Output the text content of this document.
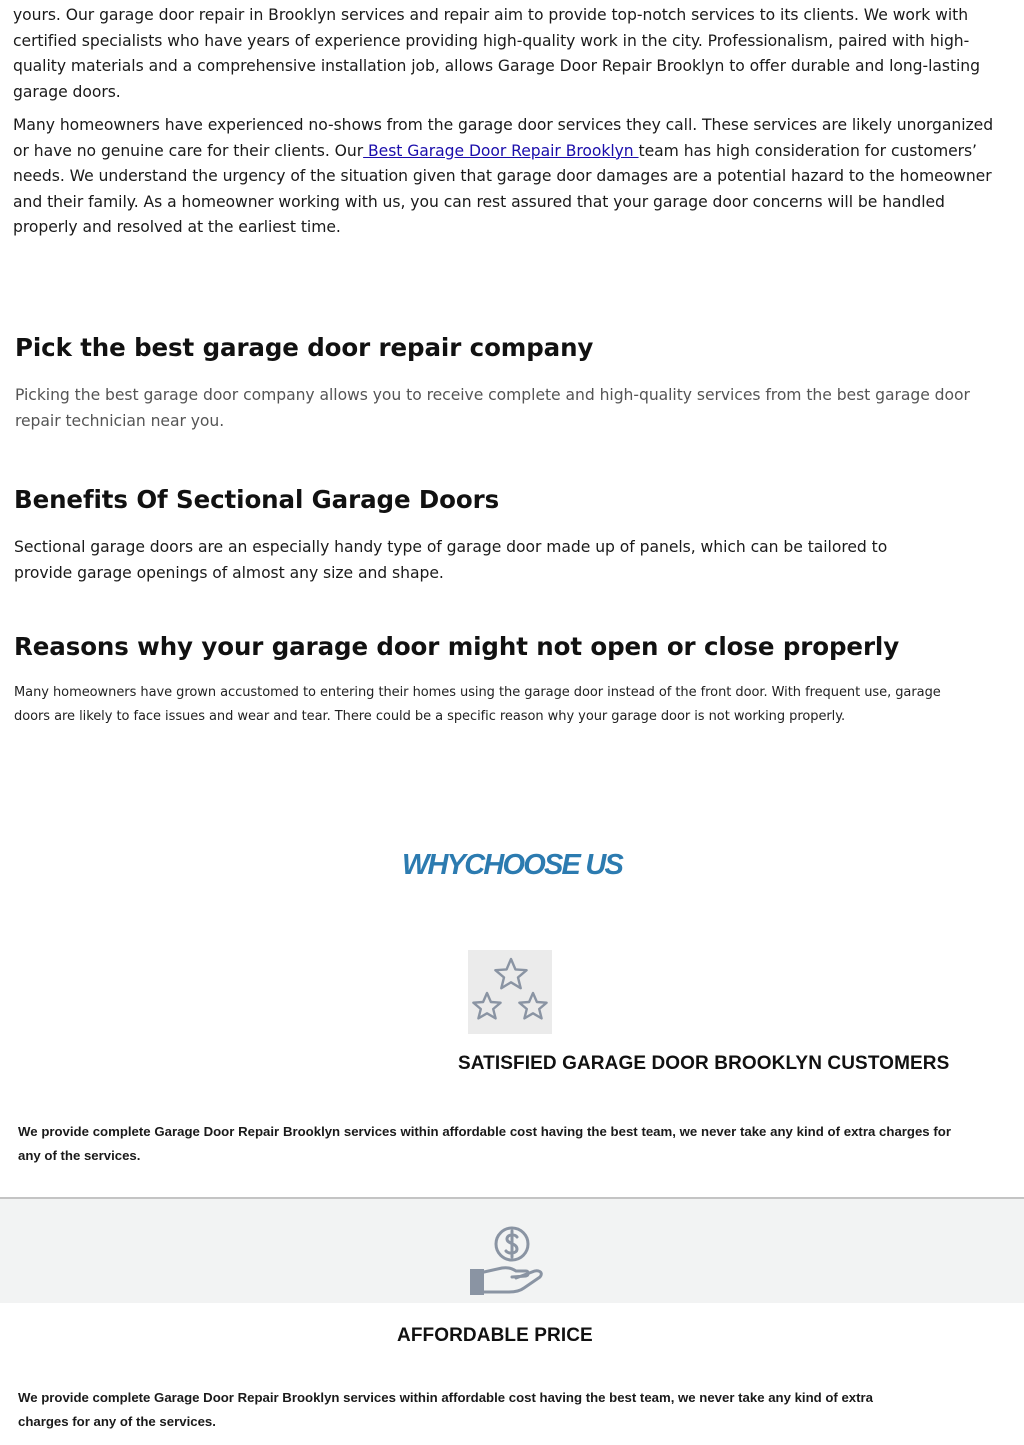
yours. Our garage door repair in Brooklyn services and repair aim to provide top-notch services to its clients. We work with certified specialists who have years of experience providing high-quality work in the city. Professionalism, paired with high-quality materials and a comprehensive installation job, allows Garage Door Repair Brooklyn to offer durable and long-lasting garage doors.

Many homeowners have experienced no-shows from the garage door services they call. These services are likely unorganized or have no genuine care for their clients. Our Best Garage Door Repair Brooklyn team has high consideration for customers’ needs. We understand the urgency of the situation given that garage door damages are a potential hazard to the homeowner and their family. As a homeowner working with us, you can rest assured that your garage door concerns will be handled properly and resolved at the earliest time.

Pick the best garage door repair company

Picking the best garage door company allows you to receive complete and high-quality services from the best garage door repair technician near you.

Benefits Of Sectional Garage Doors

Sectional garage doors are an especially handy type of garage door made up of panels, which can be tailored to provide garage openings of almost any size and shape.

Reasons why your garage door might not open or close properly

Many homeowners have grown accustomed to entering their homes using the garage door instead of the front door. With frequent use, garage doors are likely to face issues and wear and tear. There could be a specific reason why your garage door is not working properly.

WHYCHOOSE US
SATISFIED GARAGE DOOR BROOKLYN CUSTOMERS

We provide complete Garage Door Repair Brooklyn services within affordable cost having the best team, we never take any kind of extra charges for any of the services.

AFFORDABLE PRICE

We provide complete Garage Door Repair Brooklyn services within affordable cost having the best team, we never take any kind of extra charges for any of the services.
